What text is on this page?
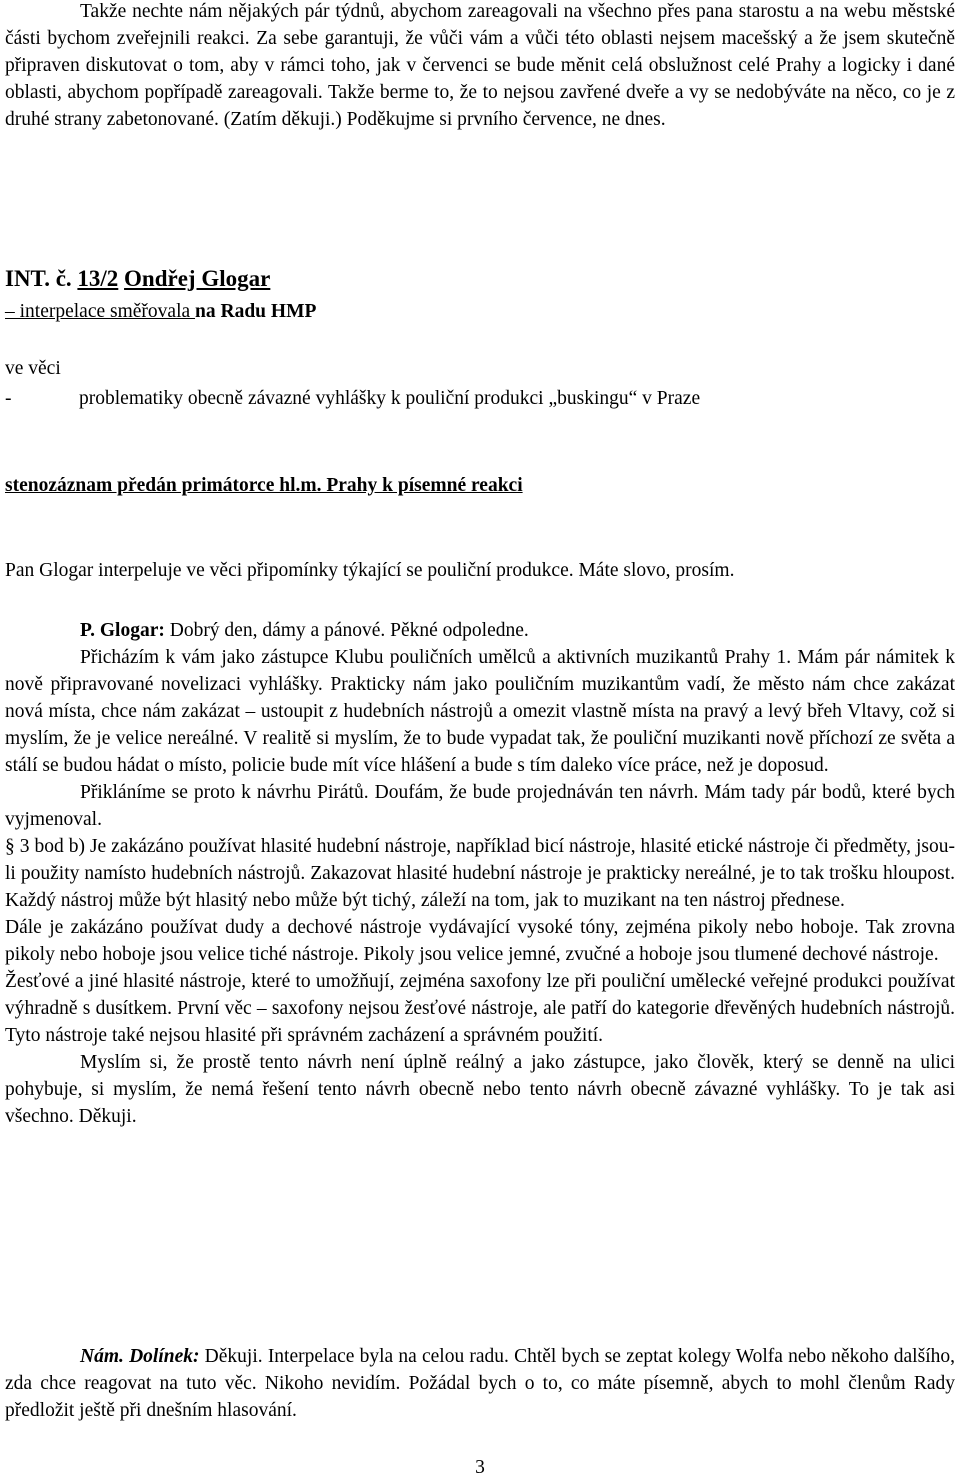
Takže nechte nám nějakých pár týdnů, abychom zareagovali na všechno přes pana starostu a na webu městské části bychom zveřejnili reakci. Za sebe garantuji, že vůči vám a vůči této oblasti nejsem macešský a že jsem skutečně připraven diskutovat o tom, aby v rámci toho, jak v červenci se bude měnit celá obslužnost celé Prahy a logicky i dané oblasti, abychom popřípadě zareagovali. Takže berme to, že to nejsou zavřené dveře a vy se nedobýváte na něco, co je z druhé strany zabetonované. (Zatím děkuji.) Poděkujme si prvního července, ne dnes.

INT. č. 13/2 Ondřej Glogar
– interpelace směřovala na Radu HMP
ve věci
-	problematiky obecně závazné vyhlášky k pouliční produkci „buskingu“ v Praze
stenozáznam předán primátorce hl.m. Prahy k písemné reakci

Pan Glogar interpeluje ve věci připomínky týkající se pouliční produkce. Máte slovo, prosím.

P. Glogar: Dobrý den, dámy a pánové. Pěkné odpoledne.

Přicházím k vám jako zástupce Klubu pouličních umělců a aktivních muzikantů Prahy 1. Mám pár námitek k nově připravované novelizaci vyhlášky. Prakticky nám jako pouličním muzikantům vadí, že město nám chce zakázat nová místa, chce nám zakázat – ustoupit z hudebních nástrojů a omezit vlastně místa na pravý a levý břeh Vltavy, což si myslím, že je velice nereálné. V realitě si myslím, že to bude vypadat tak, že pouliční muzikanti nově příchozí ze světa a stálí se budou hádat o místo, policie bude mít více hlášení a bude s tím daleko více práce, než je doposud.

Přikláníme se proto k návrhu Pirátů. Doufám, že bude projednáván ten návrh. Mám tady pár bodů, které bych vyjmenoval.

§ 3 bod b) Je zakázáno používat hlasité hudební nástroje, například bicí nástroje, hlasité etické nástroje či předměty, jsou-li použity namísto hudebních nástrojů. Zakazovat hlasité hudební nástroje je prakticky nereálné, je to tak trošku hloupost. Každý nástroj může být hlasitý nebo může být tichý, záleží na tom, jak to muzikant na ten nástroj přednese.

Dále je zakázáno používat dudy a dechové nástroje vydávající vysoké tóny, zejména pikoly nebo hoboje. Tak zrovna pikoly nebo hoboje jsou velice tiché nástroje. Pikoly jsou velice jemné, zvučné a hoboje jsou tlumené dechové nástroje.

Žesťové a jiné hlasité nástroje, které to umožňují, zejména saxofony lze při pouliční umělecké veřejné produkci používat výhradně s dusítkem. První věc – saxofony nejsou žesťové nástroje, ale patří do kategorie dřevěných hudebních nástrojů. Tyto nástroje také nejsou hlasité při správném zacházení a správném použití.

Myslím si, že prostě tento návrh není úplně reálný a jako zástupce, jako člověk, který se denně na ulici pohybuje, si myslím, že nemá řešení tento návrh obecně nebo tento návrh obecně závazné vyhlášky. To je tak asi všechno. Děkuji.

Nám. Dolínek: Děkuji. Interpelace byla na celou radu. Chtěl bych se zeptat kolegy Wolfa nebo někoho dalšího, zda chce reagovat na tuto věc. Nikoho nevidím. Požádal bych o to, co máte písemně, abych to mohl členům Rady předložit ještě při dnešním hlasování.

3
